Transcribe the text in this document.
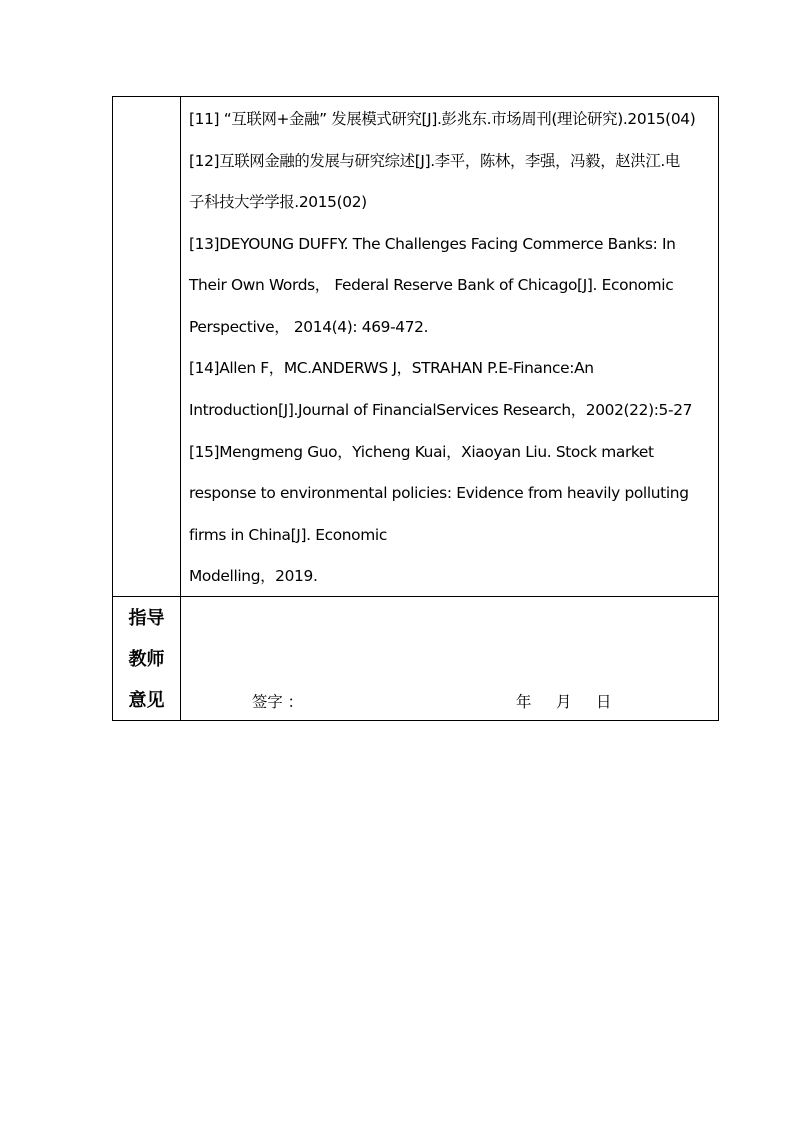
[11] “互联网+金融” 发展模式研究[J].彭兆东.市场周刊(理论研究).2015(04)
[12]互联网金融的发展与研究综述[J].李平，陈林，李强，冯毅，赵洪江.电
子科技大学学报.2015(02)
[13]DEYOUNG DUFFY. The Challenges Facing Commerce Banks: In
Their Own Words， Federal Reserve Bank of Chicago[J]. Economic
Perspective， 2014(4): 469-472.
[14]Allen F，MC.ANDERWS J，STRAHAN P.E-Finance:An
Introduction[J].Journal of FinancialServices Research，2002(22):5-27
[15]Mengmeng Guo，Yicheng Kuai，Xiaoyan Liu. Stock market
response to environmental policies: Evidence from heavily polluting
firms in China[J]. Economic
Modelling，2019.
指导
教师
意见	签字 ：	年 月 日
